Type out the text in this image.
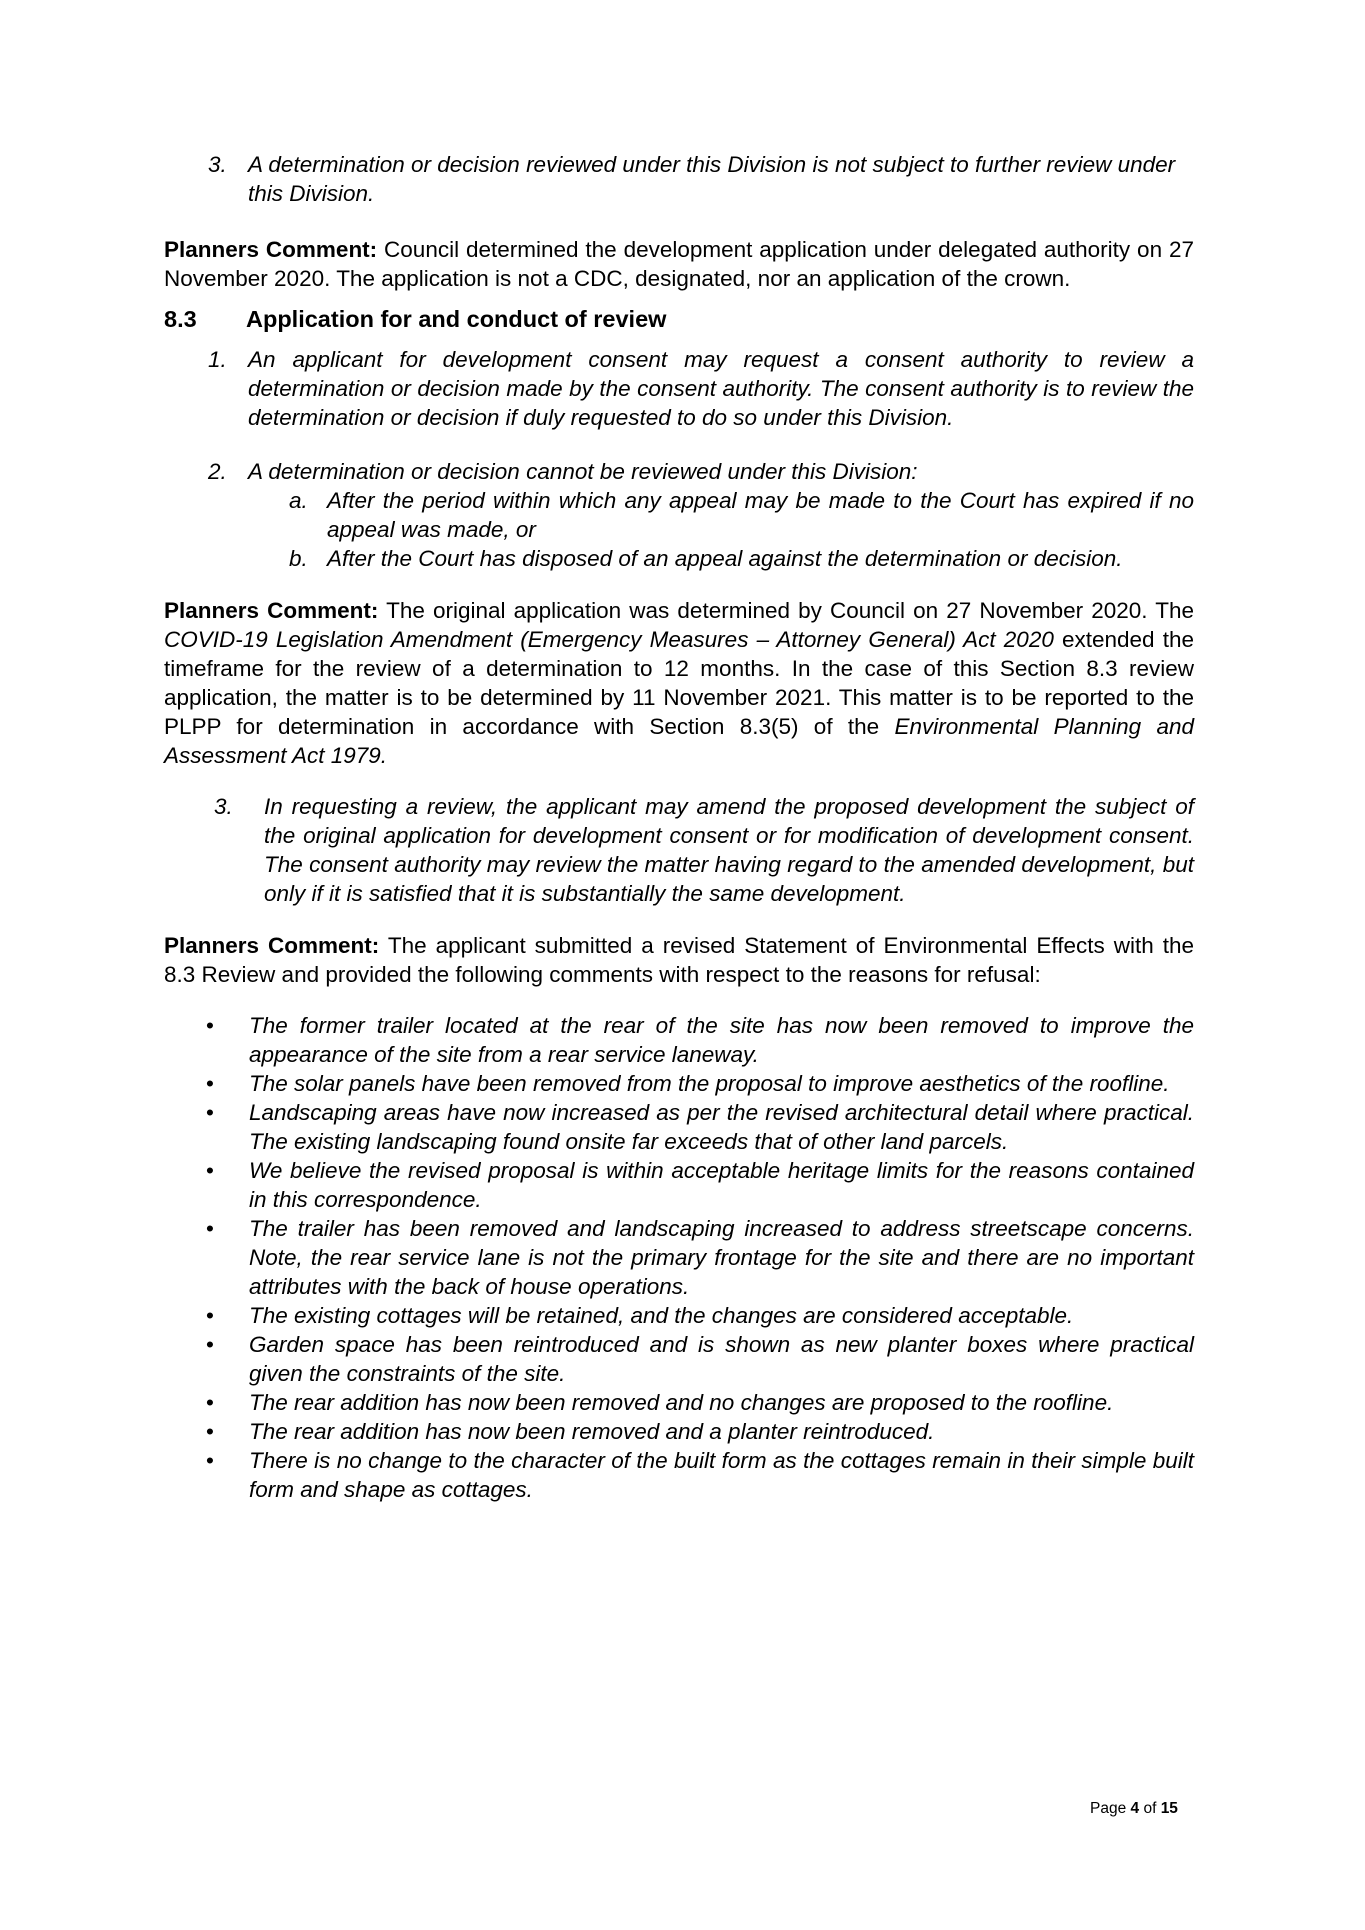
3. A determination or decision reviewed under this Division is not subject to further review under this Division.

Planners Comment: Council determined the development application under delegated authority on 27 November 2020. The application is not a CDC, designated, nor an application of the crown.

8.3	Application for and conduct of review
1. An applicant for development consent may request a consent authority to review a determination or decision made by the consent authority. The consent authority is to review the determination or decision if duly requested to do so under this Division.
2. A determination or decision cannot be reviewed under this Division:
a. After the period within which any appeal may be made to the Court has expired if no appeal was made, or
b. After the Court has disposed of an appeal against the determination or decision.

Planners Comment: The original application was determined by Council on 27 November 2020. The COVID-19 Legislation Amendment (Emergency Measures – Attorney General) Act 2020 extended the timeframe for the review of a determination to 12 months. In the case of this Section 8.3 review application, the matter is to be determined by 11 November 2021. This matter is to be reported to the PLPP for determination in accordance with Section 8.3(5) of the Environmental Planning and Assessment Act 1979.

3.	In requesting a review, the applicant may amend the proposed development the subject of the original application for development consent or for modification of development consent. The consent authority may review the matter having regard to the amended development, but only if it is satisfied that it is substantially the same development.

Planners Comment: The applicant submitted a revised Statement of Environmental Effects with the 8.3 Review and provided the following comments with respect to the reasons for refusal:

•	The former trailer located at the rear of the site has now been removed to improve the appearance of the site from a rear service laneway.
•	The solar panels have been removed from the proposal to improve aesthetics of the roofline.
•	Landscaping areas have now increased as per the revised architectural detail where practical. The existing landscaping found onsite far exceeds that of other land parcels.
•	We believe the revised proposal is within acceptable heritage limits for the reasons contained in this correspondence.
•	The trailer has been removed and landscaping increased to address streetscape concerns. Note, the rear service lane is not the primary frontage for the site and there are no important attributes with the back of house operations.
•	The existing cottages will be retained, and the changes are considered acceptable.
•	Garden space has been reintroduced and is shown as new planter boxes where practical given the constraints of the site.
•	The rear addition has now been removed and no changes are proposed to the roofline.
•	The rear addition has now been removed and a planter reintroduced.
•	There is no change to the character of the built form as the cottages remain in their simple built form and shape as cottages.
Page 4 of 15
